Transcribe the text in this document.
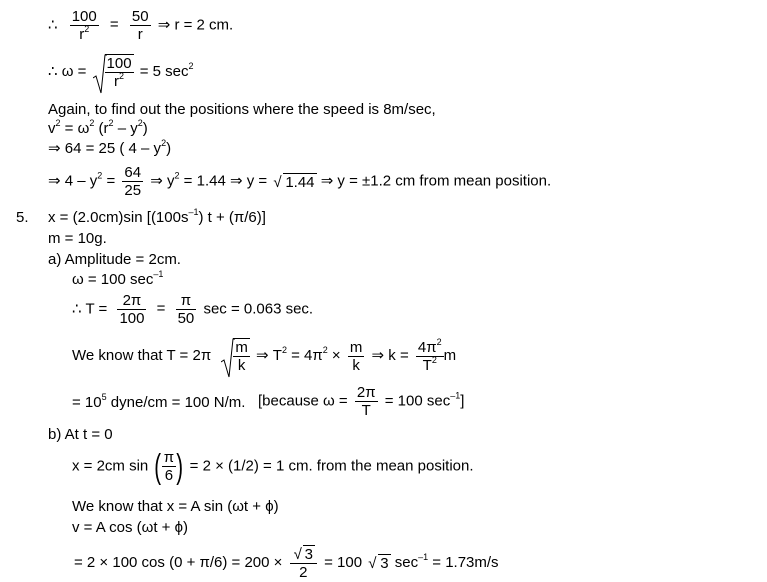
∴ $\frac{100}{r^2} = \frac{50}{r}$ ⇒ r = 2 cm.
∴ $\omega = \frac{100}{r^2} = 5$ $\sec^2$
Again, to find out the positions where the speed is 8m/sec,
$v^2 = \omega^2$ $(r^2 - y^2)$
⇒ 64 = 25 ( $4 - y^2$)
⇒ $4 - y^2 = \frac{64}{25}$ ⇒ $y^2 = 1.44$ ⇒ y = √ 1.44 ⇒ y = ±1.2 cm from mean position.
5. x = (2.0cm)sin $[(100s^{-1}) t + (\pi/6)]$
m = 10g.
a) Amplitude = 2cm.
ω = 100 $\sec^{-1}$
∴ $T = \frac{2\pi}{100} = \frac{\pi}{50}$ sec = 0.063 sec.
We know that $T = 2\pi \frac{m}{k}$ ⇒ $T^2 = 4\pi^2 \times \frac{m}{k}$ ⇒ $k = \frac{4\pi^2}{T^2}$ m
= $10^5$ dyne/cm = 100 N/m. [because $\omega = \frac{2\pi}{T} = 100$ $\sec^{-1}$]
b) At t = 0
x = 2cm sin ( $\frac{\pi}{6}$ ) = 2 × (1/2) = 1 cm. from the mean position.
We know that x = A sin (ωt + ϕ)
v = A cos (ωt + ϕ)
= 2 × 100 $\cos (0 + \pi/6) = 200 \times \frac{√ 3}{2} = 100$ √ 3 $\sec^{-1} = 1.73m/s$
